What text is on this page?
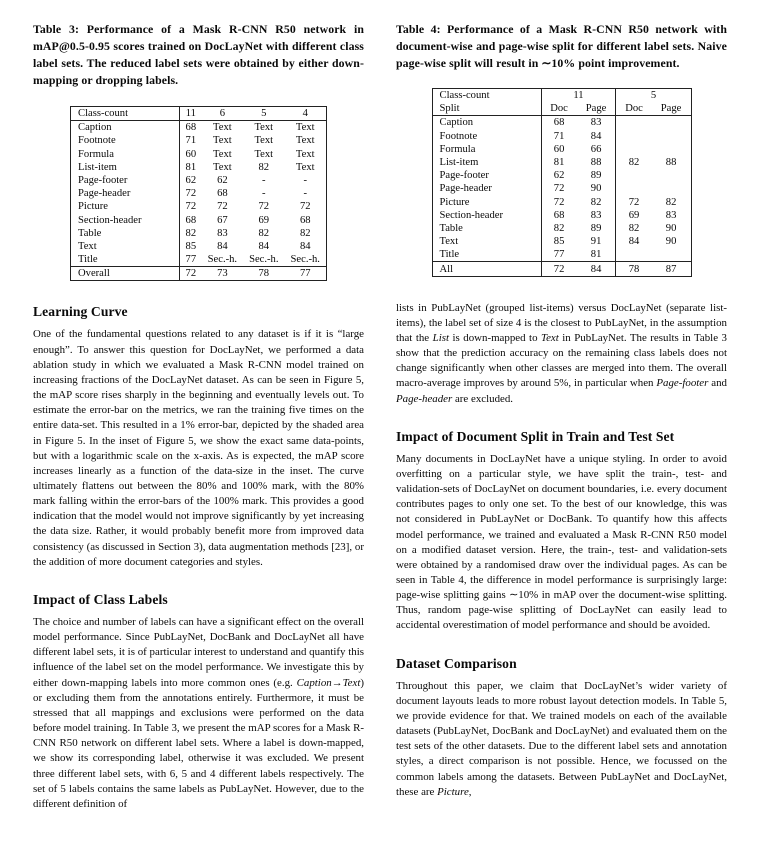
Table 3: Performance of a Mask R-CNN R50 network in mAP@0.5-0.95 scores trained on DocLayNet with different class label sets. The reduced label sets were obtained by either down-mapping or dropping labels.
Class-count	11	6	5	4
Caption	68	Text	Text	Text
Footnote	71	Text	Text	Text
Formula	60	Text	Text	Text
List-item	81	Text	82	Text
Page-footer	62	62	-	-
Page-header	72	68	-	-
Picture	72	72	72	72
Section-header	68	67	69	68
Table	82	83	82	82
Text	85	84	84	84
Title	77	Sec.-h.	Sec.-h.	Sec.-h.
Overall	72	73	78	77
Learning Curve

One of the fundamental questions related to any dataset is if it is “large enough”. To answer this question for DocLayNet, we performed a data ablation study in which we evaluated a Mask R-CNN model trained on increasing fractions of the DocLayNet dataset. As can be seen in Figure 5, the mAP score rises sharply in the beginning and eventually levels out. To estimate the error-bar on the metrics, we ran the training five times on the entire data-set. This resulted in a 1% error-bar, depicted by the shaded area in Figure 5. In the inset of Figure 5, we show the exact same data-points, but with a logarithmic scale on the x-axis. As is expected, the mAP score increases linearly as a function of the data-size in the inset. The curve ultimately flattens out between the 80% and 100% mark, with the 80% mark falling within the error-bars of the 100% mark. This provides a good indication that the model would not improve significantly by yet increasing the data size. Rather, it would probably benefit more from improved data consistency (as discussed in Section 3), data augmentation methods [23], or the addition of more document categories and styles.

Impact of Class Labels

The choice and number of labels can have a significant effect on the overall model performance. Since PubLayNet, DocBank and DocLayNet all have different label sets, it is of particular interest to understand and quantify this influence of the label set on the model performance. We investigate this by either down-mapping labels into more common ones (e.g. Caption→Text) or excluding them from the annotations entirely. Furthermore, it must be stressed that all mappings and exclusions were performed on the data before model training. In Table 3, we present the mAP scores for a Mask R-CNN R50 network on different label sets. Where a label is down-mapped, we show its corresponding label, otherwise it was excluded. We present three different label sets, with 6, 5 and 4 different labels respectively. The set of 5 labels contains the same labels as PubLayNet. However, due to the different definition of

Table 4: Performance of a Mask R-CNN R50 network with document-wise and page-wise split for different label sets. Naive page-wise split will result in ∼10% point improvement.
Class-count	11		5	
Split	Doc	Page	Doc	Page
Caption	68	83		
Footnote	71	84		
Formula	60	66		
List-item	81	88	82	88
Page-footer	62	89		
Page-header	72	90		
Picture	72	82	72	82
Section-header	68	83	69	83
Table	82	89	82	90
Text	85	91	84	90
Title	77	81		
All	72	84	78	87

lists in PubLayNet (grouped list-items) versus DocLayNet (separate list-items), the label set of size 4 is the closest to PubLayNet, in the assumption that the List is down-mapped to Text in PubLayNet. The results in Table 3 show that the prediction accuracy on the remaining class labels does not change significantly when other classes are merged into them. The overall macro-average improves by around 5%, in particular when Page-footer and Page-header are excluded.

Impact of Document Split in Train and Test Set

Many documents in DocLayNet have a unique styling. In order to avoid overfitting on a particular style, we have split the train-, test- and validation-sets of DocLayNet on document boundaries, i.e. every document contributes pages to only one set. To the best of our knowledge, this was not considered in PubLayNet or DocBank. To quantify how this affects model performance, we trained and evaluated a Mask R-CNN R50 model on a modified dataset version. Here, the train-, test- and validation-sets were obtained by a randomised draw over the individual pages. As can be seen in Table 4, the difference in model performance is surprisingly large: page-wise splitting gains ∼10% in mAP over the document-wise splitting. Thus, random page-wise splitting of DocLayNet can easily lead to accidental overestimation of model performance and should be avoided.

Dataset Comparison

Throughout this paper, we claim that DocLayNet’s wider variety of document layouts leads to more robust layout detection models. In Table 5, we provide evidence for that. We trained models on each of the available datasets (PubLayNet, DocBank and DocLayNet) and evaluated them on the test sets of the other datasets. Due to the different label sets and annotation styles, a direct comparison is not possible. Hence, we focussed on the common labels among the datasets. Between PubLayNet and DocLayNet, these are Picture,
